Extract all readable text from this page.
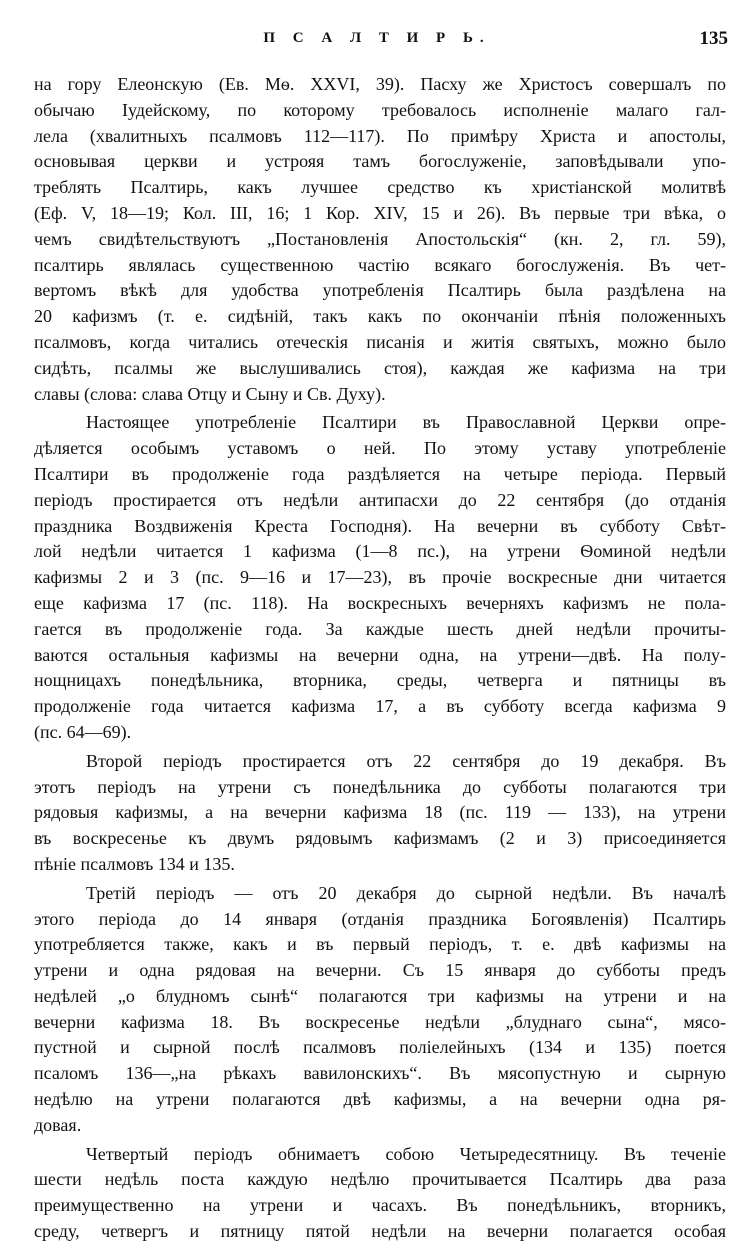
П С А Л Т И Р Ь.	135
на гору Елеонскую (Ев. Мѳ. XXVI, 39). Пасху же Христосъ совершалъ по
обычаю Іудейскому, по которому требовалось исполненіе малаго гал-
лела (хвалитныхъ псалмовъ 112—117). По примѣру Христа и апостолы,
основывая церкви и устрояя тамъ богослуженіе, заповѣдывали упо-
треблять Псалтирь, какъ лучшее средство къ христіанской молитвѣ
(Еф. V, 18—19; Кол. III, 16; 1 Кор. XIV, 15 и 26). Въ первые три вѣка, о
чемъ свидѣтельствуютъ „Постановленія Апостольскія“ (кн. 2, гл. 59),
псалтирь являлась существенною частію всякаго богослуженія. Въ чет-
вертомъ вѣкѣ для удобства употребленія Псалтирь была раздѣлена на
20 кафизмъ (т. е. сидѣній, такъ какъ по окончаніи пѣнія положенныхъ
псалмовъ, когда читались отеческія писанія и житія святыхъ, можно было
сидѣть, псалмы же выслушивались стоя), каждая же кафизма на три
славы (слова: слава Отцу и Сыну и Св. Духу).
Настоящее употребленіе Псалтири въ Православной Церкви опре-
дѣляется особымъ уставомъ о ней. По этому уставу употребленіе
Псалтири въ продолженіе года раздѣляется на четыре періода. Первый
періодъ простирается отъ недѣли антипасхи до 22 сентября (до отданія
праздника Воздвиженія Креста Господня). На вечерни въ субботу Свѣт-
лой недѣли читается 1 кафизма (1—8 пс.), на утрени Ѳоминой недѣли
кафизмы 2 и 3 (пс. 9—16 и 17—23), въ прочіе воскресные дни читается
еще кафизма 17 (пс. 118). На воскресныхъ вечерняхъ кафизмъ не пола-
гается въ продолженіе года. За каждые шесть дней недѣли прочиты-
ваются остальныя кафизмы на вечерни одна, на утрени—двѣ. На полу-
нощницахъ понедѣльника, вторника, среды, четверга и пятницы въ
продолженіе года читается кафизма 17, а въ субботу всегда кафизма 9
(пс. 64—69).
Второй періодъ простирается отъ 22 сентября до 19 декабря. Въ
этотъ періодъ на утрени съ понедѣльника до субботы полагаются три
рядовыя кафизмы, а на вечерни кафизма 18 (пс. 119 — 133), на утрени
въ воскресенье къ двумъ рядовымъ кафизмамъ (2 и 3) присоединяется
пѣніе псалмовъ 134 и 135.
Третій періодъ — отъ 20 декабря до сырной недѣли. Въ началѣ
этого періода до 14 января (отданія праздника Богоявленія) Псалтирь
употребляется также, какъ и въ первый періодъ, т. е. двѣ кафизмы на
утрени и одна рядовая на вечерни. Съ 15 января до субботы предъ
недѣлей „о блудномъ сынѣ“ полагаются три кафизмы на утрени и на
вечерни кафизма 18. Въ воскресенье недѣли „блуднаго сына“, мясо-
пустной и сырной послѣ псалмовъ поліелейныхъ (134 и 135) поется
псаломъ 136—„на рѣкахъ вавилонскихъ“. Въ мясопустную и сырную
недѣлю на утрени полагаются двѣ кафизмы, а на вечерни одна ря-
довая.
Четвертый періодъ обнимаетъ собою Четыредесятницу. Въ теченіе
шести недѣль поста каждую недѣлю прочитывается Псалтирь два раза
преимущественно на утрени и часахъ. Въ понедѣльникъ, вторникъ,
среду, четвергъ и пятницу пятой недѣли на вечерни полагается особая
